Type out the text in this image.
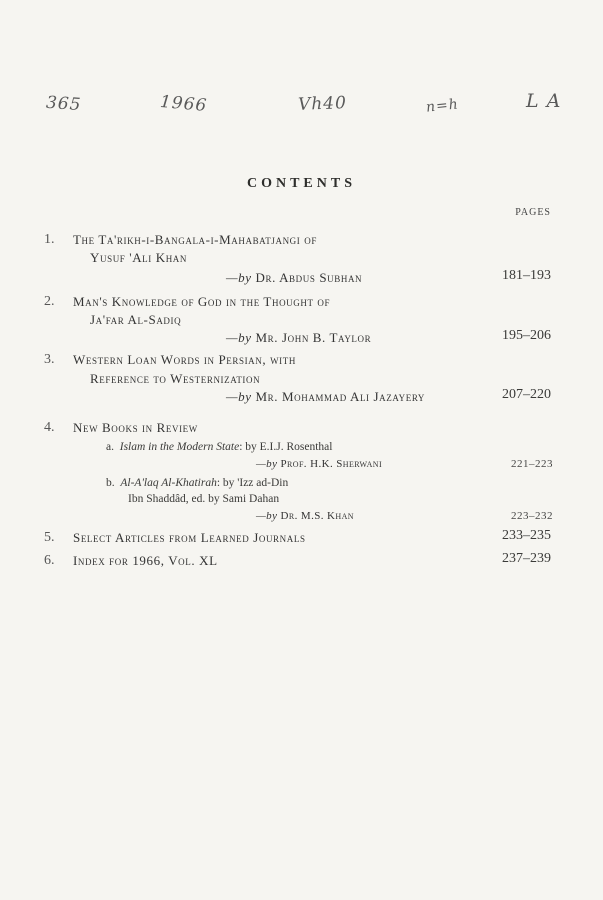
365	1966	Vh40	n=h	L A
CONTENTS
PAGES
1. The Ta'rikh-i-Bangala-i-Mahabatjangi of
Yusuf 'Ali Khan
—by Dr. Abdus Subhan	181–193
2. Man's Knowledge of God in the Thought of
Ja'far Al-Sadiq
—by Mr. John B. Taylor	195–206
3. Western Loan Words in Persian, with
Reference to Westernization
—by Mr. Mohammad Ali Jazayery	207–220
4. New Books in Review
a. Islam in the Modern State: by E.I.J. Rosenthal
—by Prof. H.K. Sherwani	221–223
b. Al-A'laq Al-Khatirah: by 'Izz ad-Din
Ibn Shaddâd, ed. by Sami Dahan
—by Dr. M.S. Khan	223–232
5. Select Articles from Learned Journals	233–235
6. Index for 1966, Vol. XL	237–239
